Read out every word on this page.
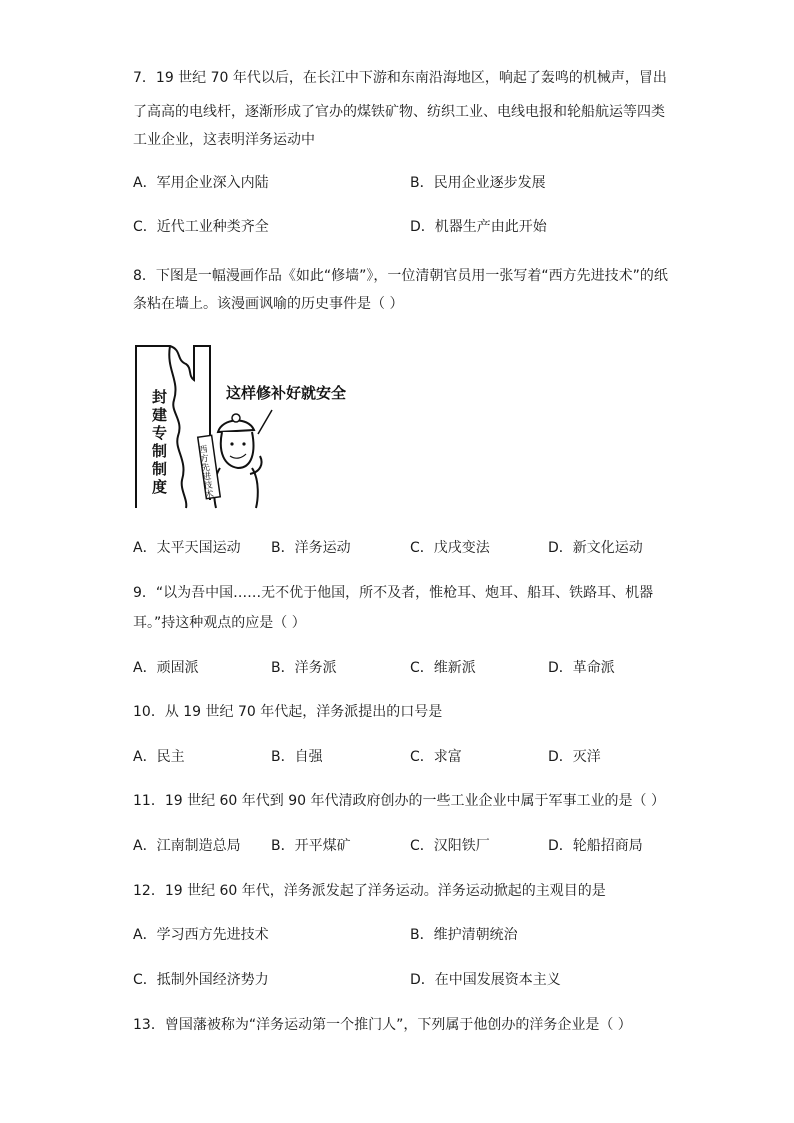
7．19 世纪 70 年代以后，在长江中下游和东南沿海地区，响起了轰鸣的机械声，冒出
了高高的电线杆，逐渐形成了官办的煤铁矿物、纺织工业、电线电报和轮船航运等四类
工业企业，这表明洋务运动中
A．军用企业深入内陆	B．民用企业逐步发展
C．近代工业种类齐全	D．机器生产由此开始
8．下图是一幅漫画作品《如此“修墙”》，一位清朝官员用一张写着“西方先进技术”的纸
条粘在墙上。该漫画讽喻的历史事件是（ ）
封
建
专
制
制
度
这样修补好就安全
西方先进技术
A．太平天国运动 B．洋务运动	C．戊戌变法	D．新文化运动
9．“以为吾中国……无不优于他国，所不及者，惟枪耳、炮耳、船耳、铁路耳、机器
耳。”持这种观点的应是（ ）
A．顽固派	B．洋务派	C．维新派	D．革命派
10．从 19 世纪 70 年代起，洋务派提出的口号是
A．民主	B．自强	C．求富	D．灭洋
11．19 世纪 60 年代到 90 年代清政府创办的一些工业企业中属于军事工业的是（ ）
A．江南制造总局 B．开平煤矿	C．汉阳铁厂	D．轮船招商局
12．19 世纪 60 年代，洋务派发起了洋务运动。洋务运动掀起的主观目的是
A．学习西方先进技术	B．维护清朝统治
C．抵制外国经济势力	D．在中国发展资本主义
13．曾国藩被称为“洋务运动第一个推门人”，下列属于他创办的洋务企业是（ ）
